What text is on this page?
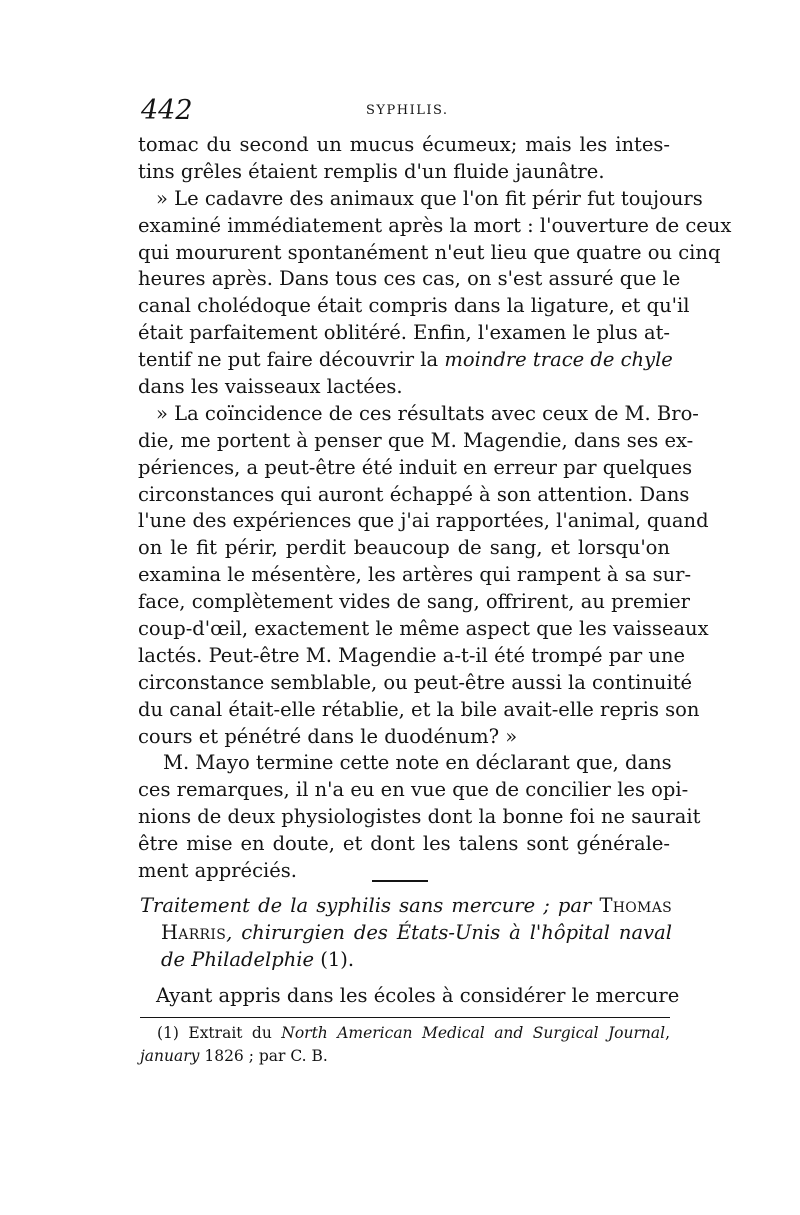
442	SYPHILIS.
tomac du second un mucus écumeux; mais les intes-
tins grêles étaient remplis d'un fluide jaunâtre.
» Le cadavre des animaux que l'on fit périr fut toujours
examiné immédiatement après la mort : l'ouverture de ceux
qui moururent spontanément n'eut lieu que quatre ou cinq
heures après. Dans tous ces cas, on s'est assuré que le
canal cholédoque était compris dans la ligature, et qu'il
était parfaitement oblitéré. Enfin, l'examen le plus at-
tentif ne put faire découvrir la moindre trace de chyle
dans les vaisseaux lactées.
» La coïncidence de ces résultats avec ceux de M. Bro-
die, me portent à penser que M. Magendie, dans ses ex-
périences, a peut-être été induit en erreur par quelques
circonstances qui auront échappé à son attention. Dans
l'une des expériences que j'ai rapportées, l'animal, quand
on le fit périr, perdit beaucoup de sang, et lorsqu'on
examina le mésentère, les artères qui rampent à sa sur-
face, complètement vides de sang, offrirent, au premier
coup-d'œil, exactement le même aspect que les vaisseaux
lactés. Peut-être M. Magendie a-t-il été trompé par une
circonstance semblable, ou peut-être aussi la continuité
du canal était-elle rétablie, et la bile avait-elle repris son
cours et pénétré dans le duodénum? »
M. Mayo termine cette note en déclarant que, dans
ces remarques, il n'a eu en vue que de concilier les opi-
nions de deux physiologistes dont la bonne foi ne saurait
être mise en doute, et dont les talens sont générale-
ment appréciés.
Traitement de la syphilis sans mercure ; par Thomas
Harris, chirurgien des États-Unis à l'hôpital naval
de Philadelphie (1).
Ayant appris dans les écoles à considérer le mercure
(1) Extrait du North American Medical and Surgical Journal,
january 1826 ; par C. B.
